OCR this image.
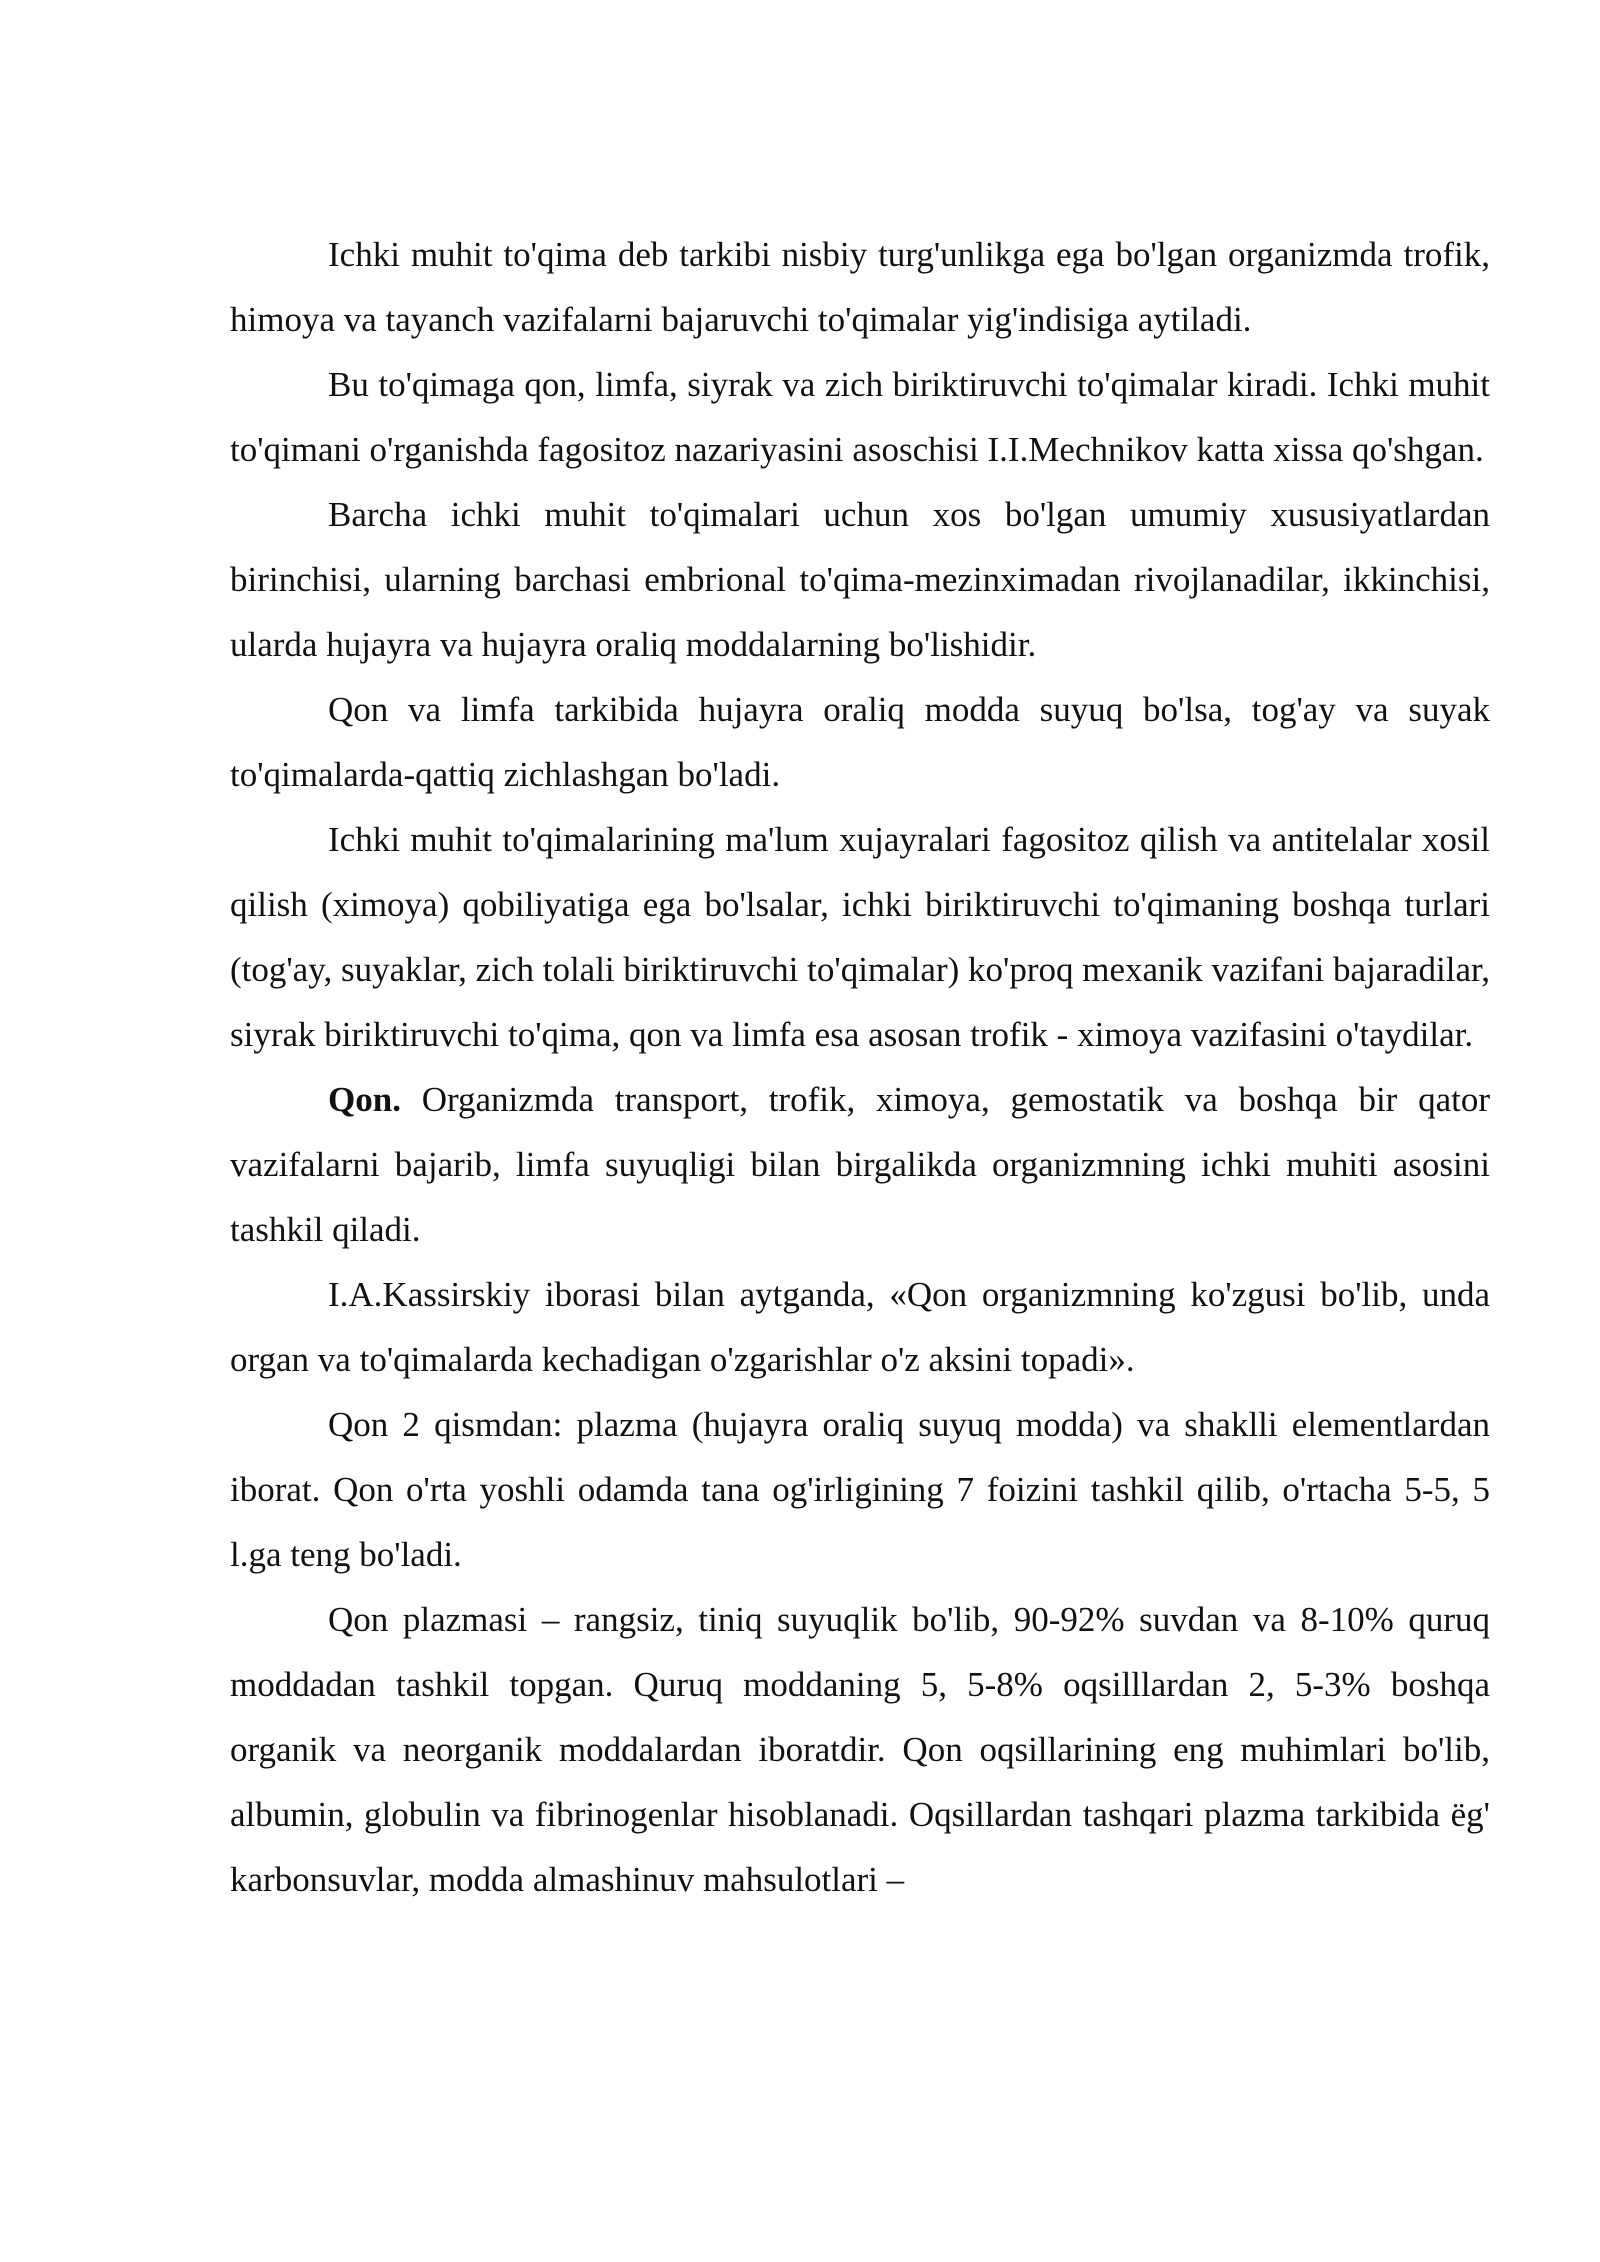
Ichki muhit to'qima deb tarkibi nisbiy turg'unlikga ega bo'lgan organizmda trofik, himoya va tayanch vazifalarni bajaruvchi to'qimalar yig'indisiga aytiladi.

Bu to'qimaga qon, limfa, siyrak va zich biriktiruvchi to'qimalar kiradi. Ichki muhit to'qimani o'rganishda fagositoz nazariyasini asoschisi I.I.Mechnikov katta xissa qo'shgan.

Barcha ichki muhit to'qimalari uchun xos bo'lgan umumiy xususiyatlardan birinchisi, ularning barchasi embrional to'qima-mezinximadan rivojlanadilar, ikkinchisi, ularda hujayra va hujayra oraliq moddalarning bo'lishidir.

Qon va limfa tarkibida hujayra oraliq modda suyuq bo'lsa, tog'ay va suyak to'qimalarda-qattiq zichlashgan bo'ladi.

Ichki muhit to'qimalarining ma'lum xujayralari fagositoz qilish va antitelalar xosil qilish (ximoya) qobiliyatiga ega bo'lsalar, ichki biriktiruvchi to'qimaning boshqa turlari (tog'ay, suyaklar, zich tolali biriktiruvchi to'qimalar) ko'proq mexanik vazifani bajaradilar, siyrak biriktiruvchi to'qima, qon va limfa esa asosan trofik - ximoya vazifasini o'taydilar.

Qon. Organizmda transport, trofik, ximoya, gemostatik va boshqa bir qator vazifalarni bajarib, limfa suyuqligi bilan birgalikda organizmning ichki muhiti asosini tashkil qiladi.

I.A.Kassirskiy iborasi bilan aytganda, «Qon organizmning ko'zgusi bo'lib, unda organ va to'qimalarda kechadigan o'zgarishlar o'z aksini topadi».

Qon 2 qismdan: plazma (hujayra oraliq suyuq modda) va shaklli elementlardan iborat. Qon o'rta yoshli odamda tana og'irligining 7 foizini tashkil qilib, o'rtacha 5-5, 5 l.ga teng bo'ladi.

Qon plazmasi – rangsiz, tiniq suyuqlik bo'lib, 90-92% suvdan va 8-10% quruq moddadan tashkil topgan. Quruq moddaning 5, 5-8% oqsilllardan 2, 5-3% boshqa organik va neorganik moddalardan iboratdir. Qon oqsillarining eng muhimlari bo'lib, albumin, globulin va fibrinogenlar hisoblanadi. Oqsillardan tashqari plazma tarkibida ëg' karbonsuvlar, modda almashinuv mahsulotlari –
